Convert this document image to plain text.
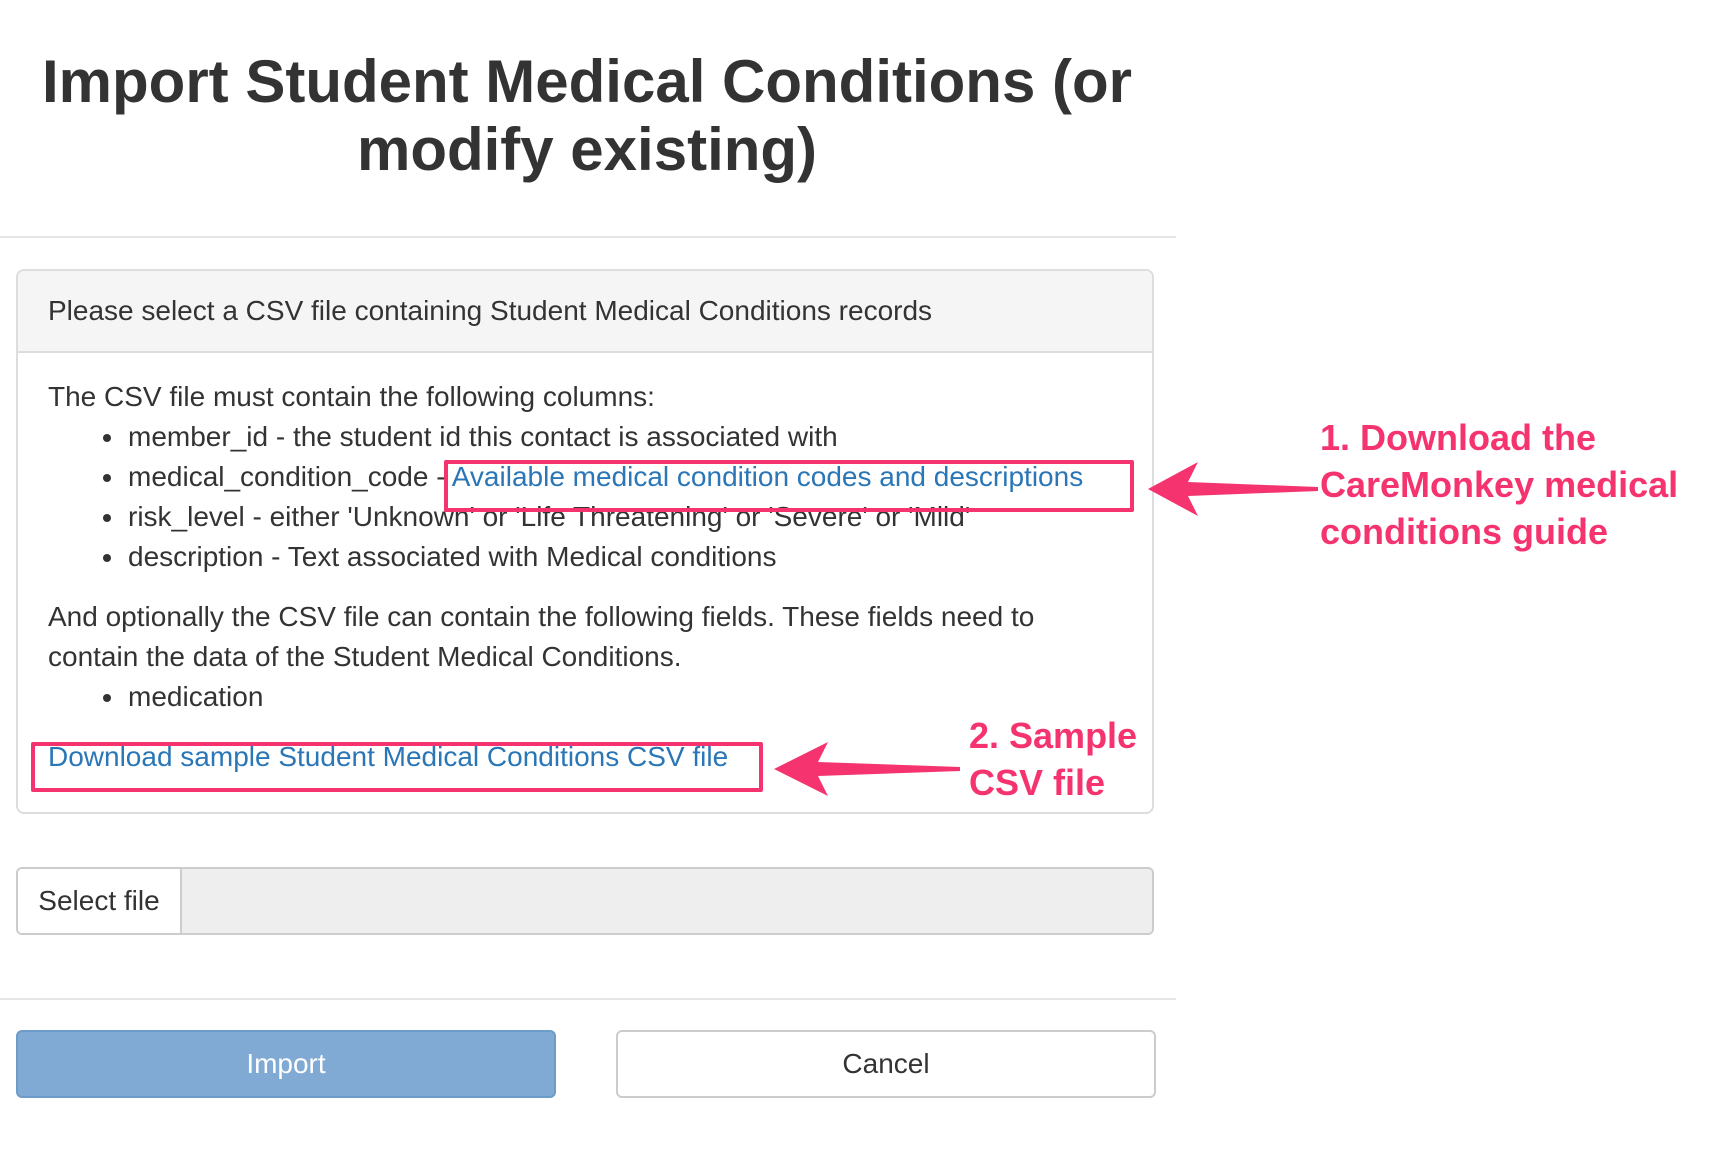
Import Student Medical Conditions (or
modify existing)
Please select a CSV file containing Student Medical Conditions records

The CSV file must contain the following columns:

member_id - the student id this contact is associated with
medical_condition_code - Available medical condition codes and descriptions
risk_level - either 'Unknown' or 'Life Threatening' or 'Severe' or 'Mild'
description - Text associated with Medical conditions

And optionally the CSV file can contain the following fields. These fields need to
contain the data of the Student Medical Conditions.

medication
Download sample Student Medical Conditions CSV file
Select file
Import	Cancel
1. Download the
CareMonkey medical
conditions guide
2. Sample
CSV file
